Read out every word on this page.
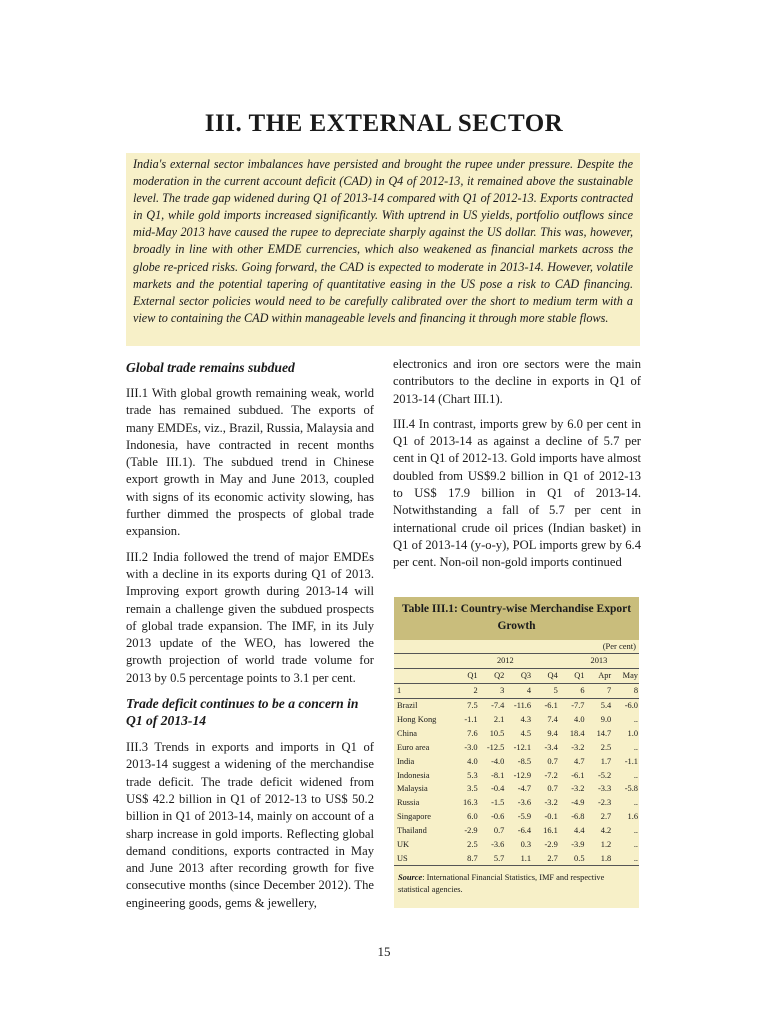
III. THE EXTERNAL SECTOR
India's external sector imbalances have persisted and brought the rupee under pressure. Despite the moderation in the current account deficit (CAD) in Q4 of 2012-13, it remained above the sustainable level. The trade gap widened during Q1 of 2013-14 compared with Q1 of 2012-13. Exports contracted in Q1, while gold imports increased significantly. With uptrend in US yields, portfolio outflows since mid-May 2013 have caused the rupee to depreciate sharply against the US dollar. This was, however, broadly in line with other EMDE currencies, which also weakened as financial markets across the globe re-priced risks. Going forward, the CAD is expected to moderate in 2013-14. However, volatile markets and the potential tapering of quantitative easing in the US pose a risk to CAD financing. External sector policies would need to be carefully calibrated over the short to medium term with a view to containing the CAD within manageable levels and financing it through more stable flows.
Global trade remains subdued

III.1 With global growth remaining weak, world trade has remained subdued. The exports of many EMDEs, viz., Brazil, Russia, Malaysia and Indonesia, have contracted in recent months (Table III.1). The subdued trend in Chinese export growth in May and June 2013, coupled with signs of its economic activity slowing, has further dimmed the prospects of global trade expansion.

III.2 India followed the trend of major EMDEs with a decline in its exports during Q1 of 2013. Improving export growth during 2013-14 will remain a challenge given the subdued prospects of global trade expansion. The IMF, in its July 2013 update of the WEO, has lowered the growth projection of world trade volume for 2013 by 0.5 percentage points to 3.1 per cent.

Trade deficit continues to be a concern in Q1 of 2013-14

III.3 Trends in exports and imports in Q1 of 2013-14 suggest a widening of the merchandise trade deficit. The trade deficit widened from US$ 42.2 billion in Q1 of 2012-13 to US$ 50.2 billion in Q1 of 2013-14, mainly on account of a sharp increase in gold imports. Reflecting global demand conditions, exports contracted in May and June 2013 after recording growth for five consecutive months (since December 2012). The engineering goods, gems & jewellery,

electronics and iron ore sectors were the main contributors to the decline in exports in Q1 of 2013-14 (Chart III.1).

III.4 In contrast, imports grew by 6.0 per cent in Q1 of 2013-14 as against a decline of 5.7 per cent in Q1 of 2012-13. Gold imports have almost doubled from US$9.2 billion in Q1 of 2012-13 to US$ 17.9 billion in Q1 of 2013-14. Notwithstanding a fall of 5.7 per cent in international crude oil prices (Indian basket) in Q1 of 2013-14 (y-o-y), POL imports grew by 6.4 per cent. Non-oil non-gold imports continued

Table III.1: Country-wise Merchandise Export Growth
(Per cent)
	2012				2013		
	Q1	Q2	Q3	Q4	Q1	Apr	May
1	2	3	4	5	6	7	8
Brazil	7.5	-7.4	-11.6	-6.1	-7.7	5.4	-6.0
Hong Kong	-1.1	2.1	4.3	7.4	4.0	9.0	..
China	7.6	10.5	4.5	9.4	18.4	14.7	1.0
Euro area	-3.0	-12.5	-12.1	-3.4	-3.2	2.5	..
India	4.0	-4.0	-8.5	0.7	4.7	1.7	-1.1
Indonesia	5.3	-8.1	-12.9	-7.2	-6.1	-5.2	..
Malaysia	3.5	-0.4	-4.7	0.7	-3.2	-3.3	-5.8
Russia	16.3	-1.5	-3.6	-3.2	-4.9	-2.3	..
Singapore	6.0	-0.6	-5.9	-0.1	-6.8	2.7	1.6
Thailand	-2.9	0.7	-6.4	16.1	4.4	4.2	..
UK	2.5	-3.6	0.3	-2.9	-3.9	1.2	..
US	8.7	5.7	1.1	2.7	0.5	1.8	..
Source: International Financial Statistics, IMF and respective statistical agencies.
15
